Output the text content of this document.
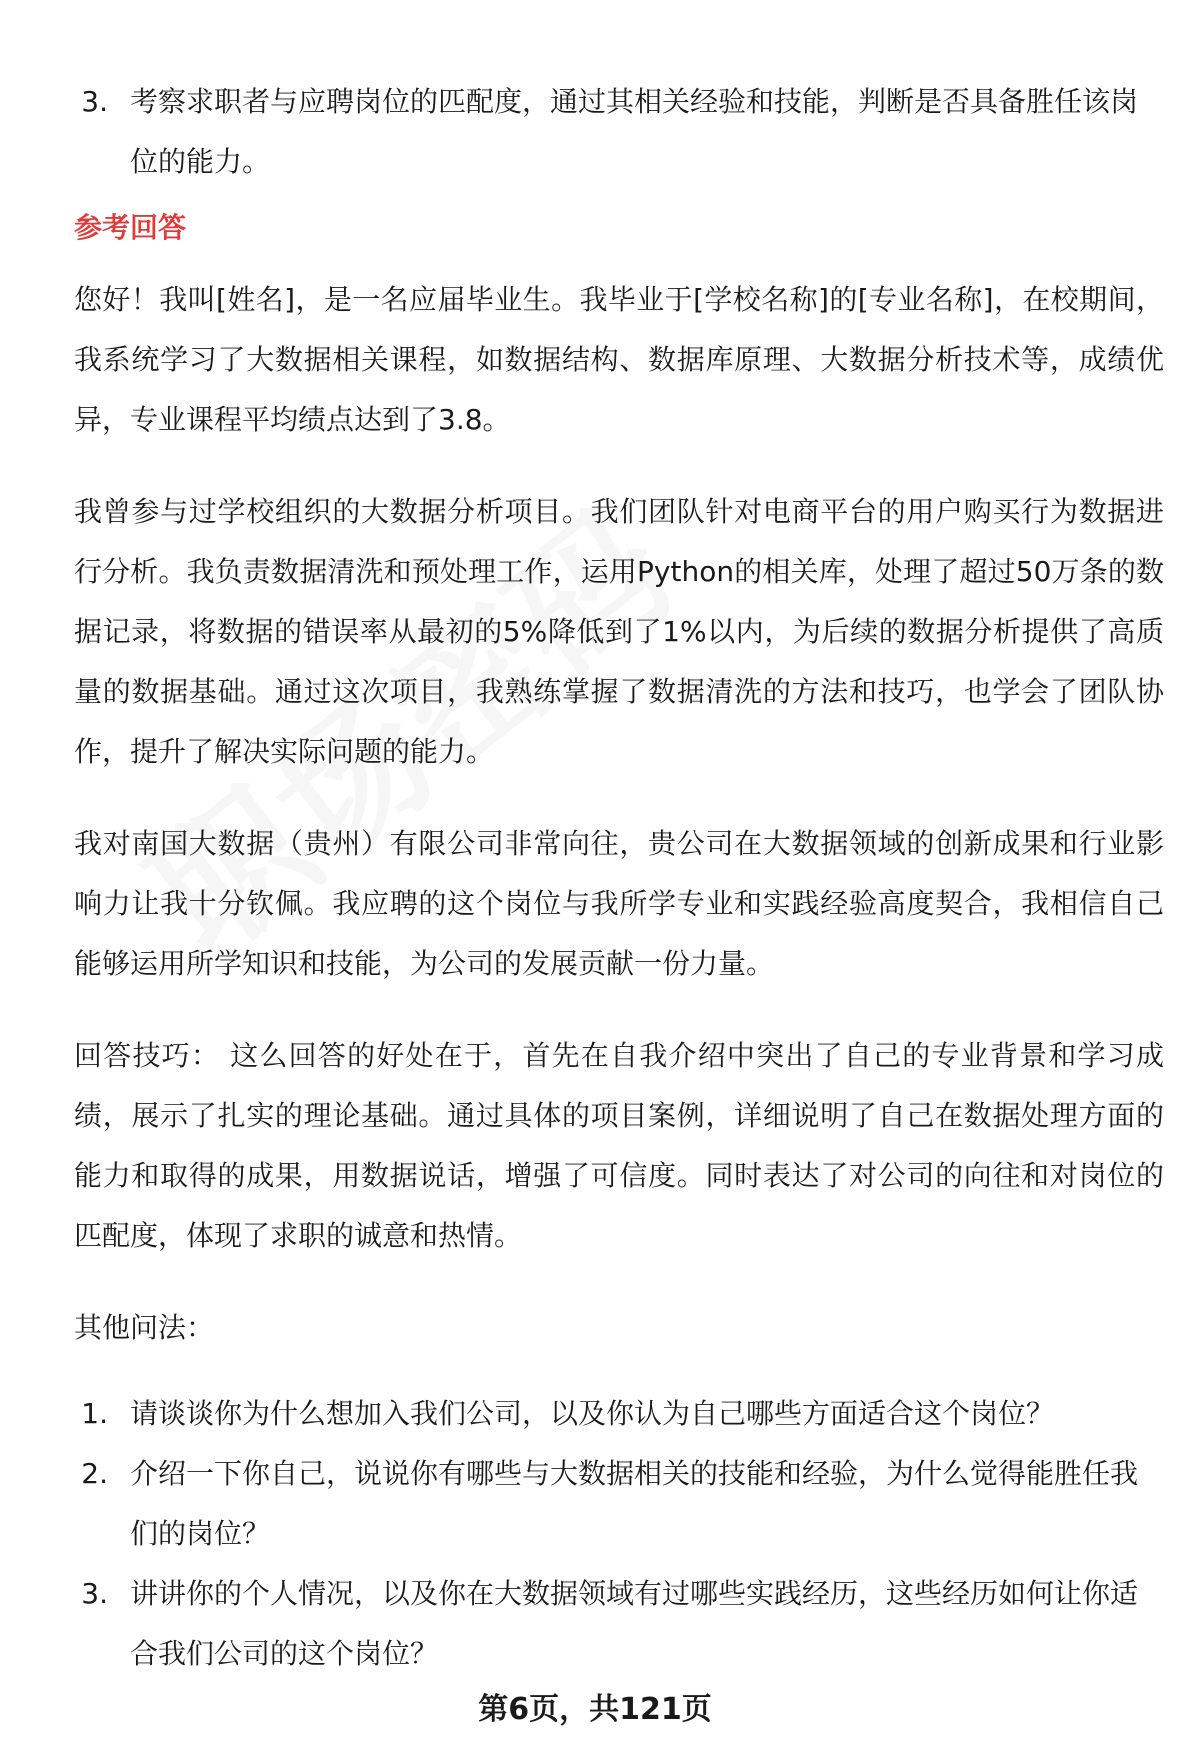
3. 考察求职者与应聘岗位的匹配度，通过其相关经验和技能，判断是否具备胜任该岗位的能力。
参考回答

您好！我叫[姓名]，是一名应届毕业生。我毕业于[学校名称]的[专业名称]，在校期间，我系统学习了大数据相关课程，如数据结构、数据库原理、大数据分析技术等，成绩优异，专业课程平均绩点达到了3.8。

我曾参与过学校组织的大数据分析项目。我们团队针对电商平台的用户购买行为数据进行分析。我负责数据清洗和预处理工作，运用Python的相关库，处理了超过50万条的数据记录，将数据的错误率从最初的5%降低到了1%以内，为后续的数据分析提供了高质量的数据基础。通过这次项目，我熟练掌握了数据清洗的方法和技巧，也学会了团队协作，提升了解决实际问题的能力。

我对南国大数据（贵州）有限公司非常向往，贵公司在大数据领域的创新成果和行业影响力让我十分钦佩。我应聘的这个岗位与我所学专业和实践经验高度契合，我相信自己能够运用所学知识和技能，为公司的发展贡献一份力量。

回答技巧： 这么回答的好处在于，首先在自我介绍中突出了自己的专业背景和学习成绩，展示了扎实的理论基础。通过具体的项目案例，详细说明了自己在数据处理方面的能力和取得的成果，用数据说话，增强了可信度。同时表达了对公司的向往和对岗位的匹配度，体现了求职的诚意和热情。

其他问法：
1. 请谈谈你为什么想加入我们公司，以及你认为自己哪些方面适合这个岗位？
2. 介绍一下你自己，说说你有哪些与大数据相关的技能和经验，为什么觉得能胜任我们的岗位？
3. 讲讲你的个人情况，以及你在大数据领域有过哪些实践经历，这些经历如何让你适合我们公司的这个岗位？
第6页，共121页
